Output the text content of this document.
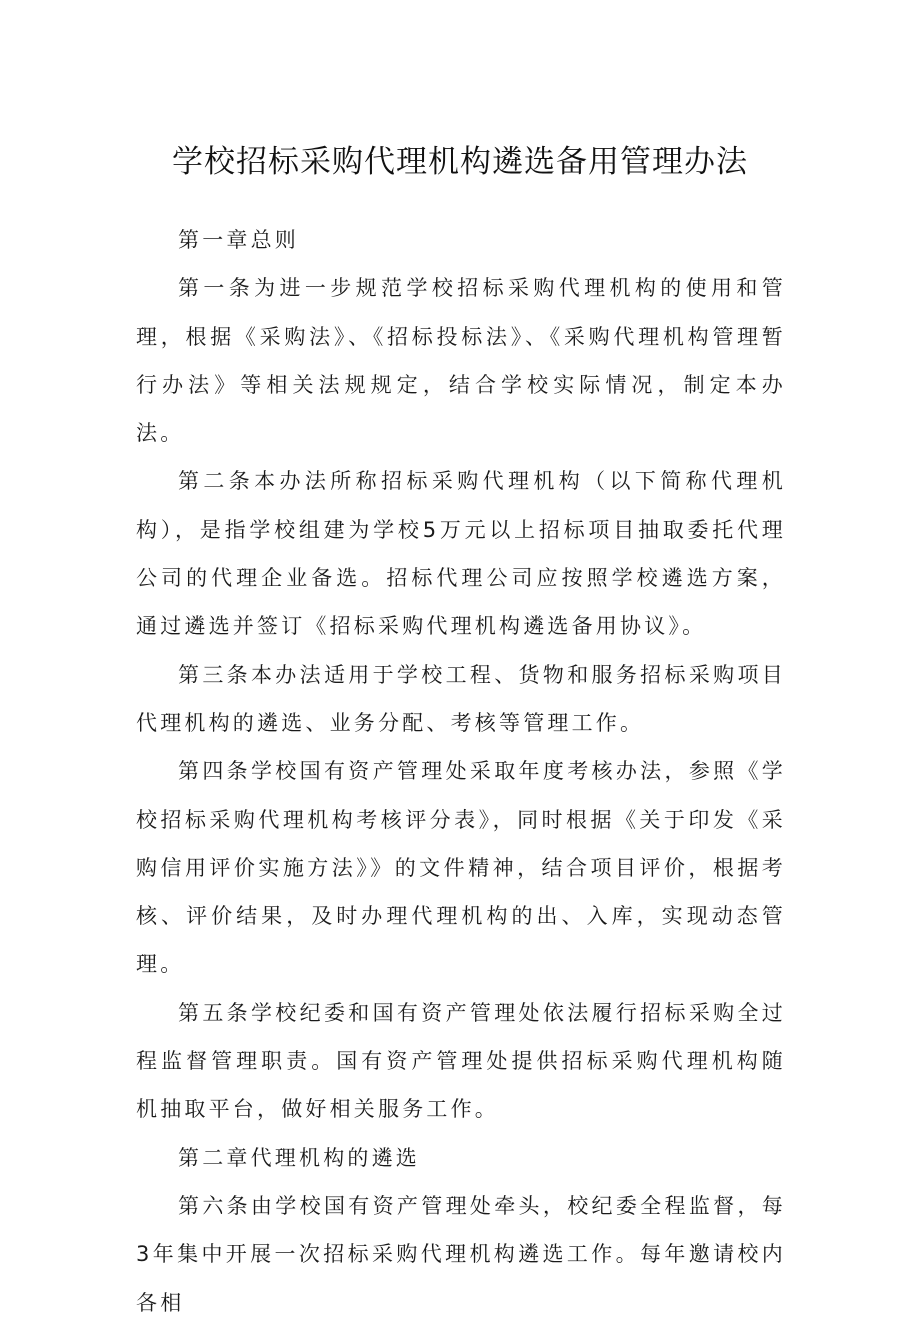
学校招标采购代理机构遴选备用管理办法

第一章总则

第一条为进一步规范学校招标采购代理机构的使用和管理，根据《采购法》、《招标投标法》、《采购代理机构管理暂行办法》等相关法规规定，结合学校实际情况，制定本办法。

第二条本办法所称招标采购代理机构（以下简称代理机构），是指学校组建为学校5万元以上招标项目抽取委托代理公司的代理企业备选。招标代理公司应按照学校遴选方案，通过遴选并签订《招标采购代理机构遴选备用协议》。

第三条本办法适用于学校工程、货物和服务招标采购项目代理机构的遴选、业务分配、考核等管理工作。

第四条学校国有资产管理处采取年度考核办法，参照《学校招标采购代理机构考核评分表》，同时根据《关于印发《采购信用评价实施方法》》的文件精神，结合项目评价，根据考核、评价结果，及时办理代理机构的出、入库，实现动态管理。

第五条学校纪委和国有资产管理处依法履行招标采购全过程监督管理职责。国有资产管理处提供招标采购代理机构随机抽取平台，做好相关服务工作。

第二章代理机构的遴选

第六条由学校国有资产管理处牵头，校纪委全程监督，每3年集中开展一次招标采购代理机构遴选工作。每年邀请校内各相
